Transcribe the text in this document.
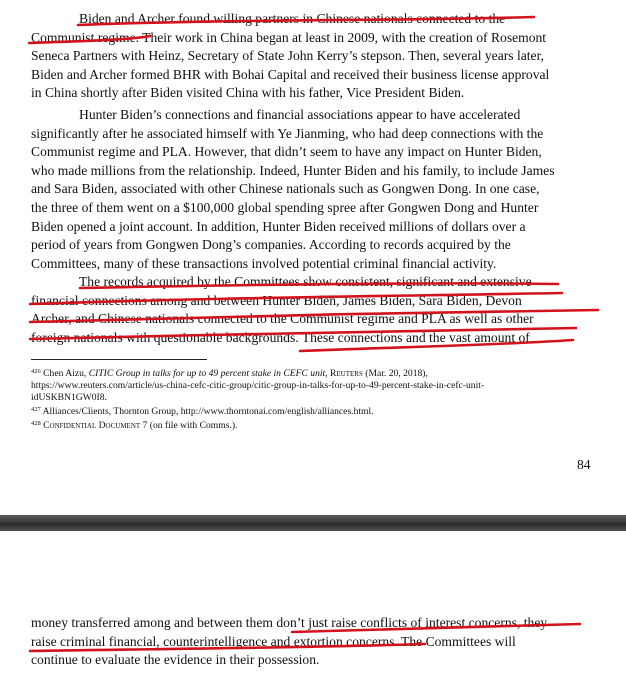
Biden and Archer found willing partners in Chinese nationals connected to the
Communist regime. Their work in China began at least in 2009, with the creation of Rosemont
Seneca Partners with Heinz, Secretary of State John Kerry’s stepson. Then, several years later,
Biden and Archer formed BHR with Bohai Capital and received their business license approval
in China shortly after Biden visited China with his father, Vice President Biden.

Hunter Biden’s connections and financial associations appear to have accelerated
significantly after he associated himself with Ye Jianming, who had deep connections with the
Communist regime and PLA. However, that didn’t seem to have any impact on Hunter Biden,
who made millions from the relationship. Indeed, Hunter Biden and his family, to include James
and Sara Biden, associated with other Chinese nationals such as Gongwen Dong. In one case,
the three of them went on a $100,000 global spending spree after Gongwen Dong and Hunter
Biden opened a joint account. In addition, Hunter Biden received millions of dollars over a
period of years from Gongwen Dong’s companies. According to records acquired by the
Committees, many of these transactions involved potential criminal financial activity.

The records acquired by the Committees show consistent, significant and extensive
financial connections among and between Hunter Biden, James Biden, Sara Biden, Devon
Archer, and Chinese nationals connected to the Communist regime and PLA as well as other
foreign nationals with questionable backgrounds. These connections and the vast amount of

$^{426}$ Chen Aizu, CITIC Group in talks for up to 49 percent stake in CEFC unit, Reuters (Mar. 20, 2018),
https://www.reuters.com/article/us-china-cefc-citic-group/citic-group-in-talks-for-up-to-49-percent-stake-in-cefc-unit-
idUSKBN1GW0I8.
$^{427}$ Alliances/Clients, Thornton Group, http://www.thorntonai.com/english/alliances.html.
$^{428}$ Confidential Document 7 (on file with Comms.).
84

money transferred among and between them don’t just raise conflicts of interest concerns, they
raise criminal financial, counterintelligence and extortion concerns. The Committees will
continue to evaluate the evidence in their possession.
